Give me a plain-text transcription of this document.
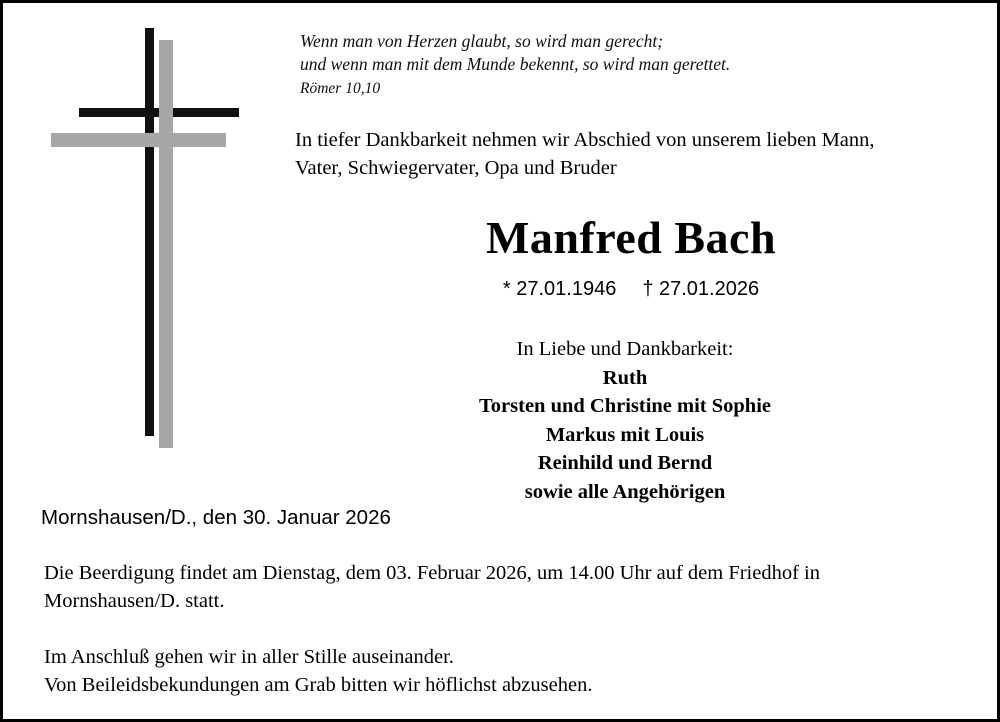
Wenn man von Herzen glaubt, so wird man gerecht;
und wenn man mit dem Munde bekennt, so wird man gerettet.
Römer 10,10
In tiefer Dankbarkeit nehmen wir Abschied von unserem lieben Mann,
Vater, Schwiegervater, Opa und Bruder
Manfred Bach
* 27.01.1946 † 27.01.2026
In Liebe und Dankbarkeit:
Ruth
Torsten und Christine mit Sophie
Markus mit Louis
Reinhild und Bernd
sowie alle Angehörigen
Mornshausen/D., den 30. Januar 2026
Die Beerdigung findet am Dienstag, dem 03. Februar 2026, um 14.00 Uhr auf dem Friedhof in
Mornshausen/D. statt.
Im Anschluß gehen wir in aller Stille auseinander.
Von Beileidsbekundungen am Grab bitten wir höflichst abzusehen.
